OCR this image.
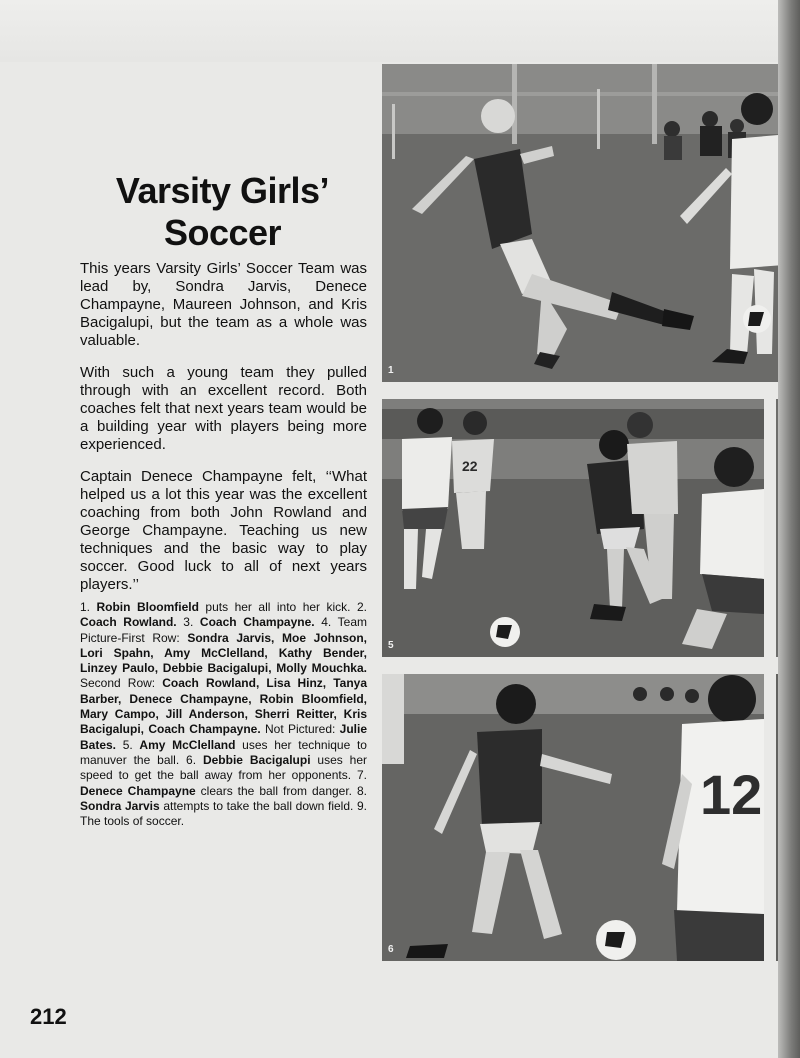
Varsity Girls’
Soccer

This years Varsity Girls’ Soccer Team was lead by, Sondra Jarvis, Denece Champayne, Maureen Johnson, and Kris Bacigalupi, but the team as a whole was valuable.

With such a young team they pulled through with an excellent record. Both coaches felt that next years team would be a building year with players being more experienced.

Captain Denece Champayne felt, ‘‘What helped us a lot this year was the excellent coaching from both John Rowland and George Champayne. Teaching us new techniques and the basic way to play soccer. Good luck to all of next years players.’’

1. Robin Bloomfield puts her all into her kick. 2. Coach Rowland. 3. Coach Champayne. 4. Team Picture-First Row: Sondra Jarvis, Moe Johnson, Lori Spahn, Amy McClelland, Kathy Bender, Linzey Paulo, Debbie Bacigalupi, Molly Mouchka. Second Row: Coach Rowland, Lisa Hinz, Tanya Barber, Denece Champayne, Robin Bloomfield, Mary Campo, Jill Anderson, Sherri Reitter, Kris Bacigalupi, Coach Champayne. Not Pictured: Julie Bates. 5. Amy McClelland uses her technique to manuver the ball. 6. Debbie Bacigalupi uses her speed to get the ball away from her opponents. 7. Denece Champayne clears the ball from danger. 8. Sondra Jarvis attempts to take the ball down field. 9. The tools of soccer.

1
22
5
12
6
212
